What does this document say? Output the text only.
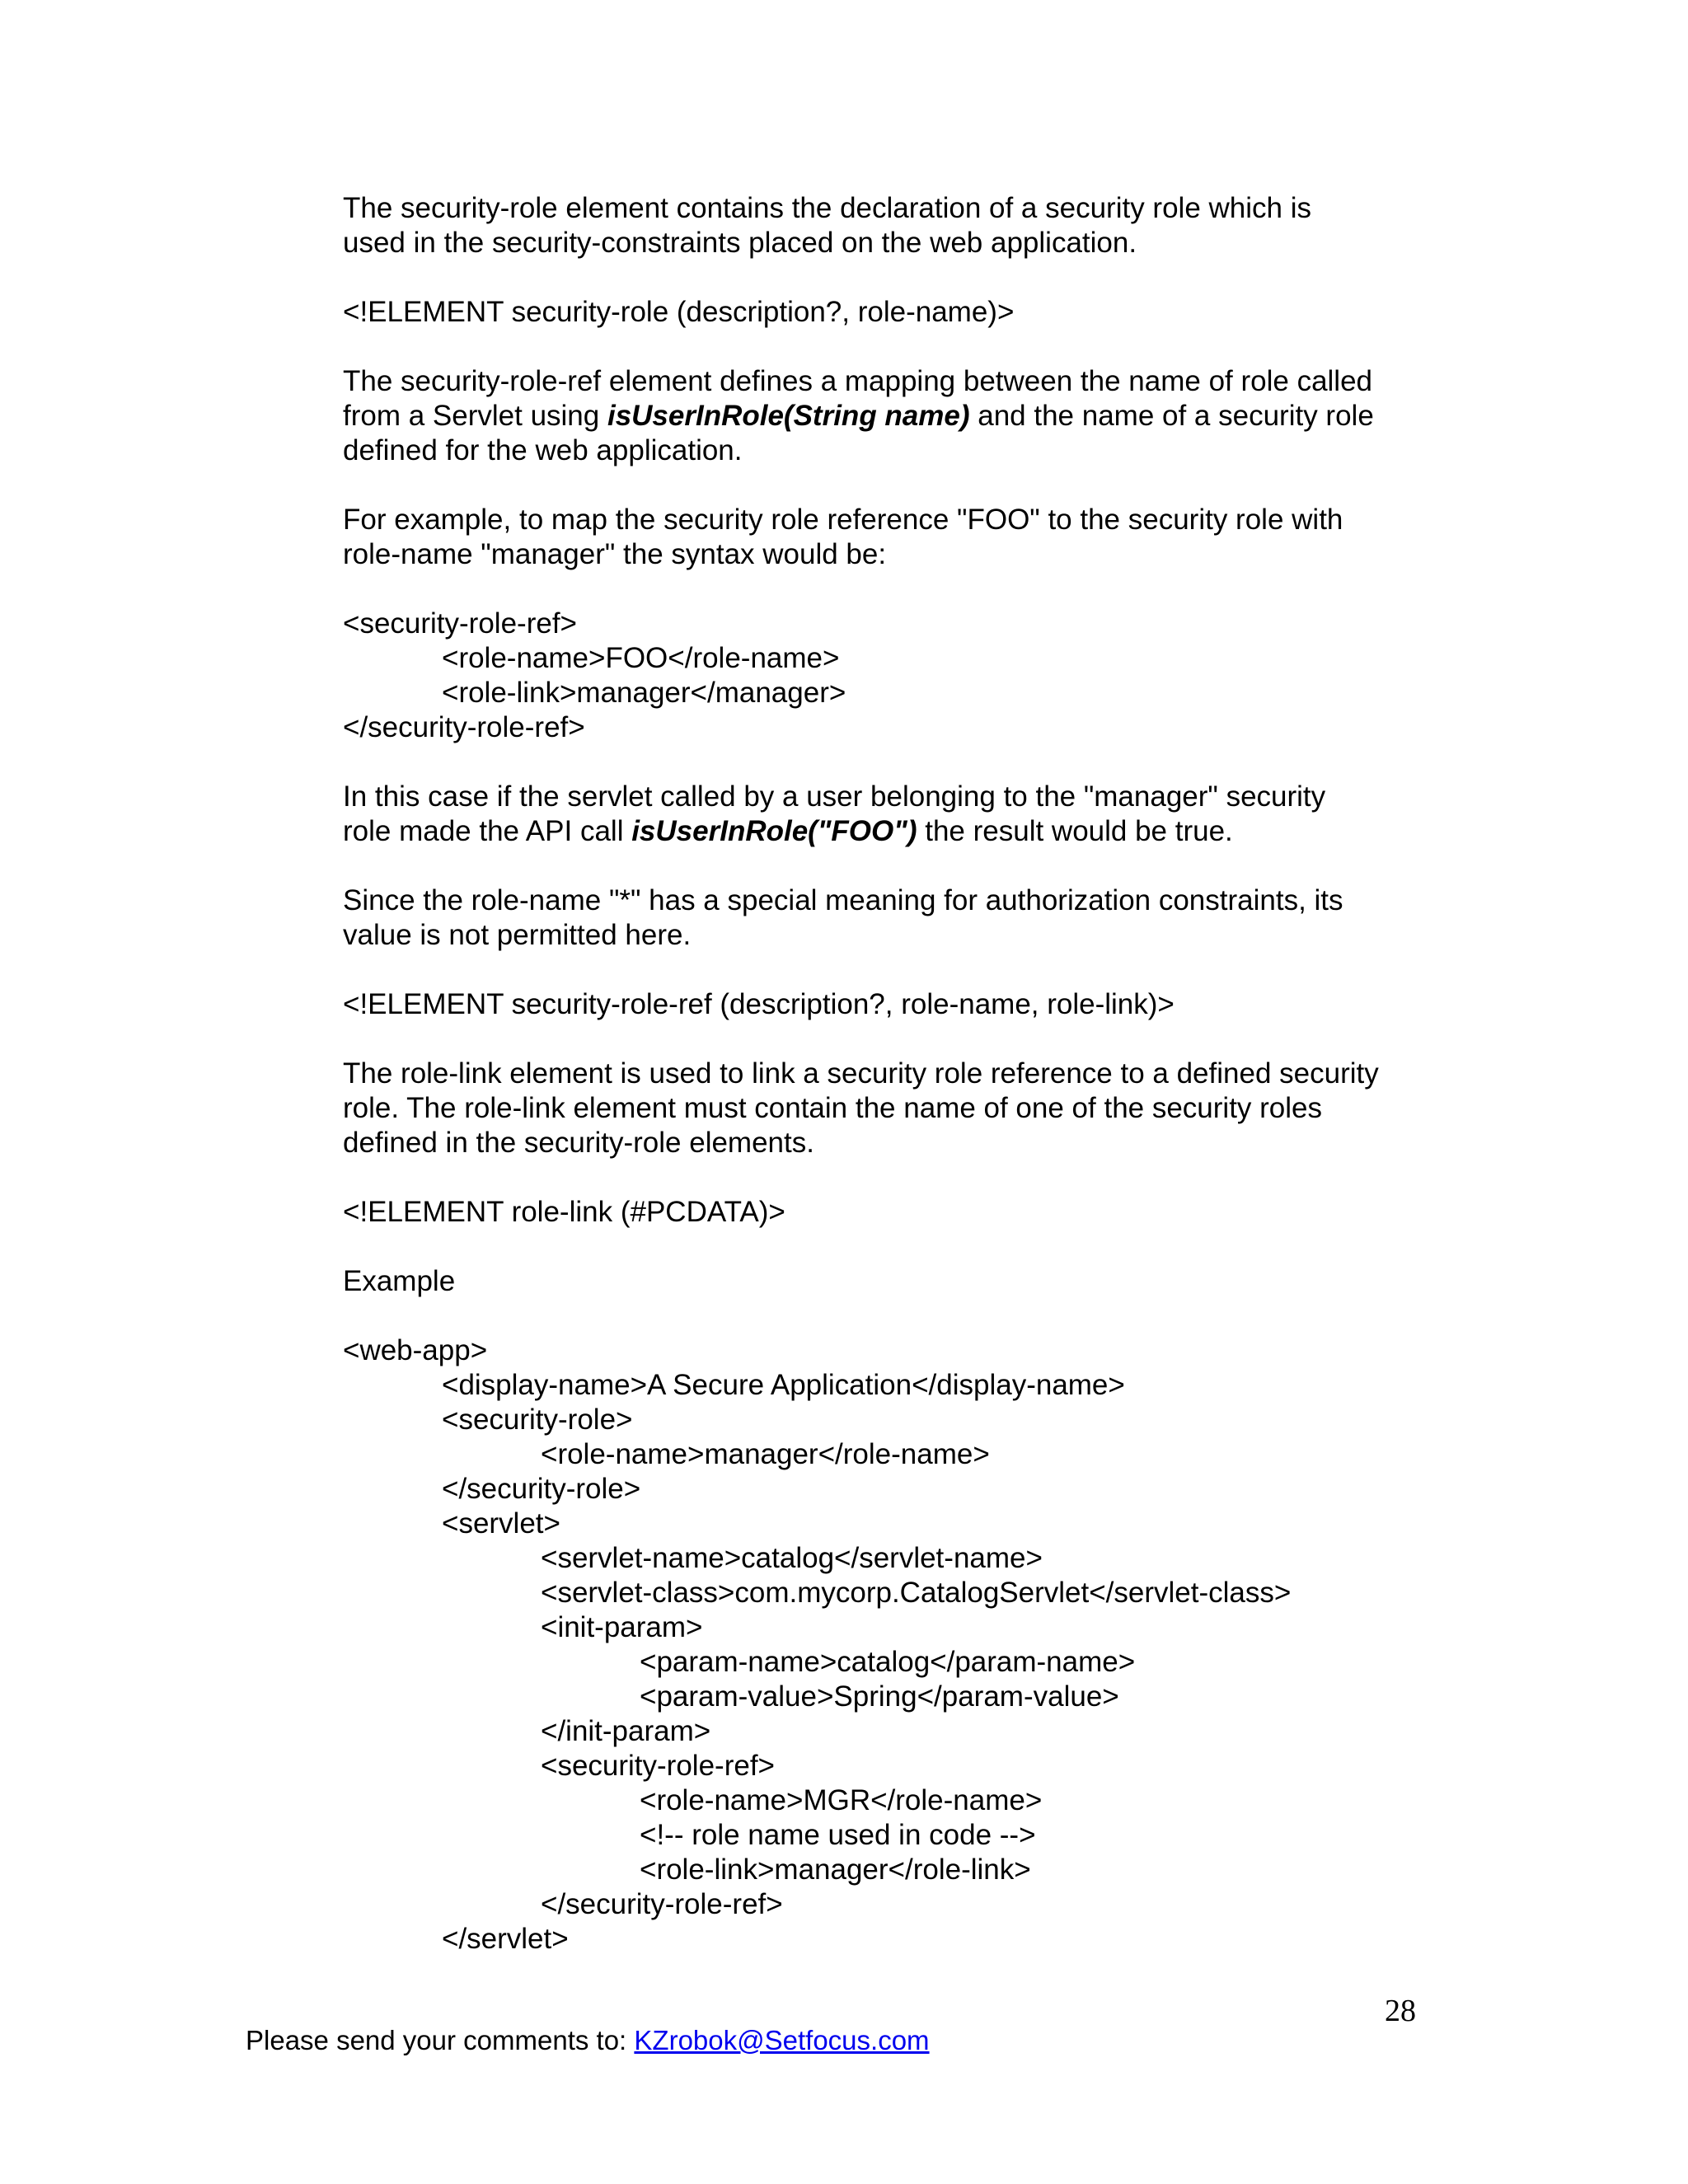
The security-role element contains the declaration of a security role which is
used in the security-constraints placed on the web application.

<!ELEMENT security-role (description?, role-name)>

The security-role-ref element defines a mapping between the name of role called
from a Servlet using isUserInRole(String name) and the name of a security role
defined for the web application.

For example, to map the security role reference "FOO" to the security role with
role-name "manager" the syntax would be:

<security-role-ref>
<role-name>FOO</role-name>
<role-link>manager</manager>
</security-role-ref>

In this case if the servlet called by a user belonging to the "manager" security
role made the API call isUserInRole("FOO") the result would be true.

Since the role-name "*" has a special meaning for authorization constraints, its
value is not permitted here.

<!ELEMENT security-role-ref (description?, role-name, role-link)>

The role-link element is used to link a security role reference to a defined security
role. The role-link element must contain the name of one of the security roles
defined in the security-role elements.

<!ELEMENT role-link (#PCDATA)>

Example

<web-app>
<display-name>A Secure Application</display-name>
<security-role>
<role-name>manager</role-name>
</security-role>
<servlet>
<servlet-name>catalog</servlet-name>
<servlet-class>com.mycorp.CatalogServlet</servlet-class>
<init-param>
<param-name>catalog</param-name>
<param-value>Spring</param-value>
</init-param>
<security-role-ref>
<role-name>MGR</role-name>
<!-- role name used in code -->
<role-link>manager</role-link>
</security-role-ref>
</servlet>
28
Please send your comments to: KZrobok@Setfocus.com
